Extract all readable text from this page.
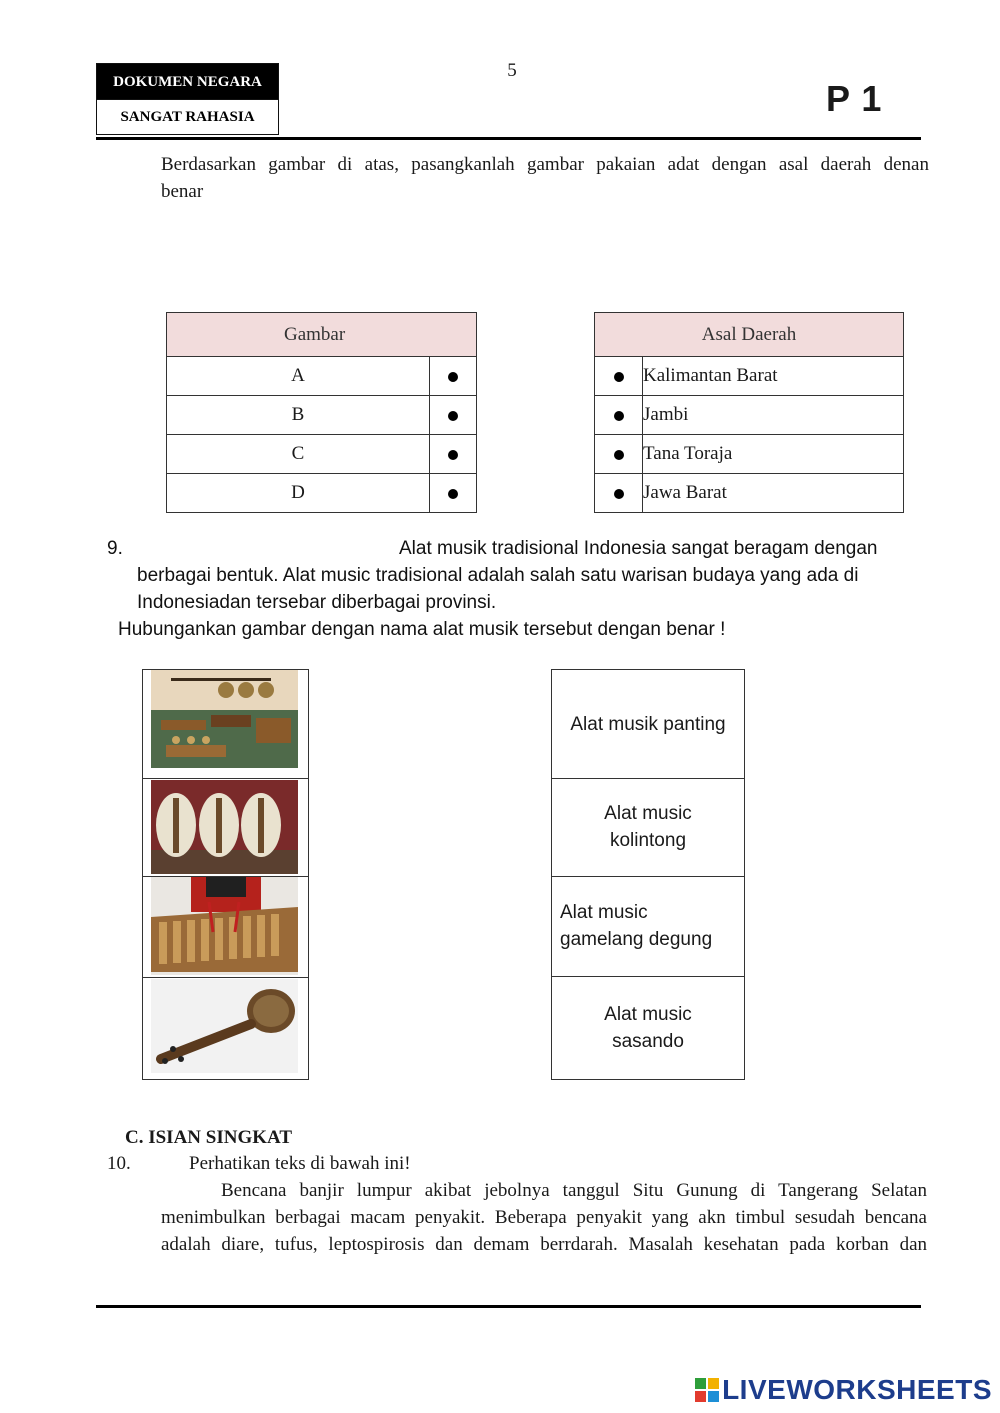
DOKUMEN NEGARA
SANGAT RAHASIA
5
P 1
Berdasarkan gambar di atas, pasangkanlah gambar pakaian adat dengan asal daerah denan
benar
Gambar	
A	
B	
C	
D	
Asal Daerah	
	Kalimantan Barat
	Jambi
	Tana Toraja
	Jawa Barat
9.	Alat musik tradisional Indonesia sangat beragam dengan
berbagai bentuk. Alat music tradisional adalah salah satu warisan budaya yang ada di
Indonesiadan tersebar diberbagai provinsi.
Hubungankan gambar dengan nama alat musik tersebut dengan benar !
Alat musik panting
Alat music
kolintong
Alat music
gamelang degung
Alat music
sasando
C. ISIAN SINGKAT
10.	Perhatikan teks di bawah ini!
Bencana banjir lumpur akibat jebolnya tanggul Situ Gunung di Tangerang Selatan
menimbulkan berbagai macam penyakit. Beberapa penyakit yang akn timbul sesudah bencana
adalah diare, tufus, leptospirosis dan demam berrdarah. Masalah kesehatan pada korban dan
LIVEWORKSHEETS
